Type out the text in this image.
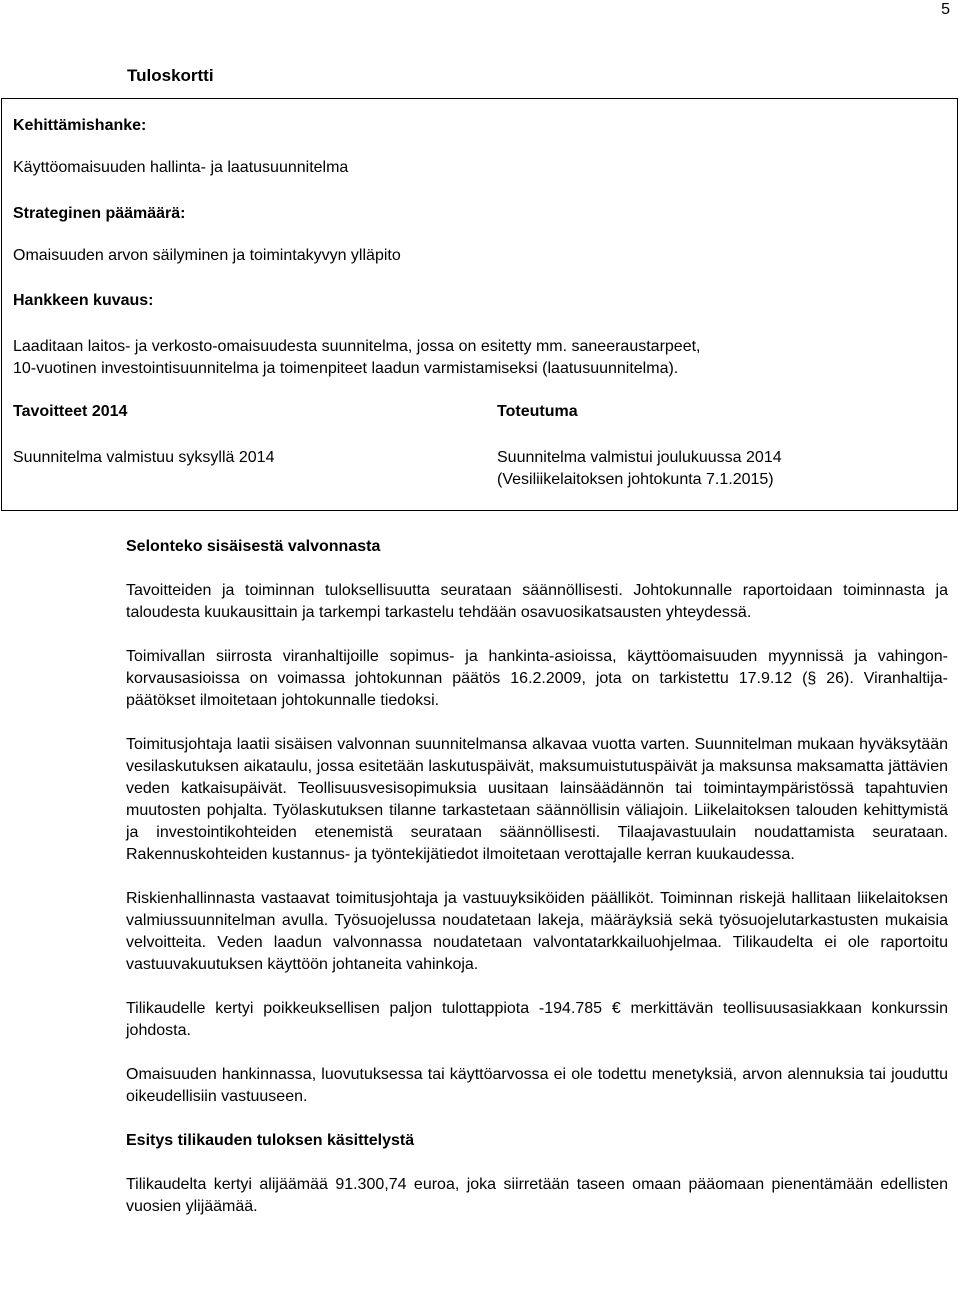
5
Tuloskortti
Kehittämishanke:
Käyttöomaisuuden hallinta- ja laatusuunnitelma
Strateginen päämäärä:
Omaisuuden arvon säilyminen ja toimintakyvyn ylläpito
Hankkeen kuvaus:
Laaditaan laitos- ja verkosto-omaisuudesta suunnitelma, jossa on esitetty mm. saneeraustarpeet,
10-vuotinen investointisuunnitelma ja toimenpiteet laadun varmistamiseksi (laatusuunnitelma).
Tavoitteet 2014	Toteutuma
Suunnitelma valmistuu syksyllä 2014	Suunnitelma valmistui joulukuussa 2014
(Vesiliikelaitoksen johtokunta 7.1.2015)
Selonteko sisäisestä valvonnasta

Tavoitteiden ja toiminnan tuloksellisuutta seurataan säännöllisesti. Johtokunnalle raportoidaan toiminnasta ja taloudesta kuukausittain ja tarkempi tarkastelu tehdään osavuosikatsausten yhteydessä.

Toimivallan siirrosta viranhaltijoille sopimus- ja hankinta-asioissa, käyttöomaisuuden myynnissä ja vahingon-korvausasioissa on voimassa johtokunnan päätös 16.2.2009, jota on tarkistettu 17.9.12 (§ 26). Viranhaltija-päätökset ilmoitetaan johtokunnalle tiedoksi.

Toimitusjohtaja laatii sisäisen valvonnan suunnitelmansa alkavaa vuotta varten. Suunnitelman mukaan hyväksytään vesilaskutuksen aikataulu, jossa esitetään laskutuspäivät, maksumuistutuspäivät ja maksunsa maksamatta jättävien veden katkaisupäivät. Teollisuusvesisopimuksia uusitaan lainsäädännön tai toimintaympäristössä tapahtuvien muutosten pohjalta. Työlaskutuksen tilanne tarkastetaan säännöllisin väliajoin. Liikelaitoksen talouden kehittymistä ja investointikohteiden etenemistä seurataan säännöllisesti. Tilaajavastuulain noudattamista seurataan. Rakennuskohteiden kustannus- ja työntekijätiedot ilmoitetaan verottajalle kerran kuukaudessa.

Riskienhallinnasta vastaavat toimitusjohtaja ja vastuuyksiköiden päälliköt. Toiminnan riskejä hallitaan liikelaitoksen valmiussuunnitelman avulla. Työsuojelussa noudatetaan lakeja, määräyksiä sekä työsuojelutarkastusten mukaisia velvoitteita. Veden laadun valvonnassa noudatetaan valvontatarkkailuohjelmaa. Tilikaudelta ei ole raportoitu vastuuvakuutuksen käyttöön johtaneita vahinkoja.

Tilikaudelle kertyi poikkeuksellisen paljon tulottappiota -194.785 € merkittävän teollisuusasiakkaan konkurssin johdosta.

Omaisuuden hankinnassa, luovutuksessa tai käyttöarvossa ei ole todettu menetyksiä, arvon alennuksia tai jouduttu oikeudellisiin vastuuseen.

Esitys tilikauden tuloksen käsittelystä

Tilikaudelta kertyi alijäämää 91.300,74 euroa, joka siirretään taseen omaan pääomaan pienentämään edellisten vuosien ylijäämää.
